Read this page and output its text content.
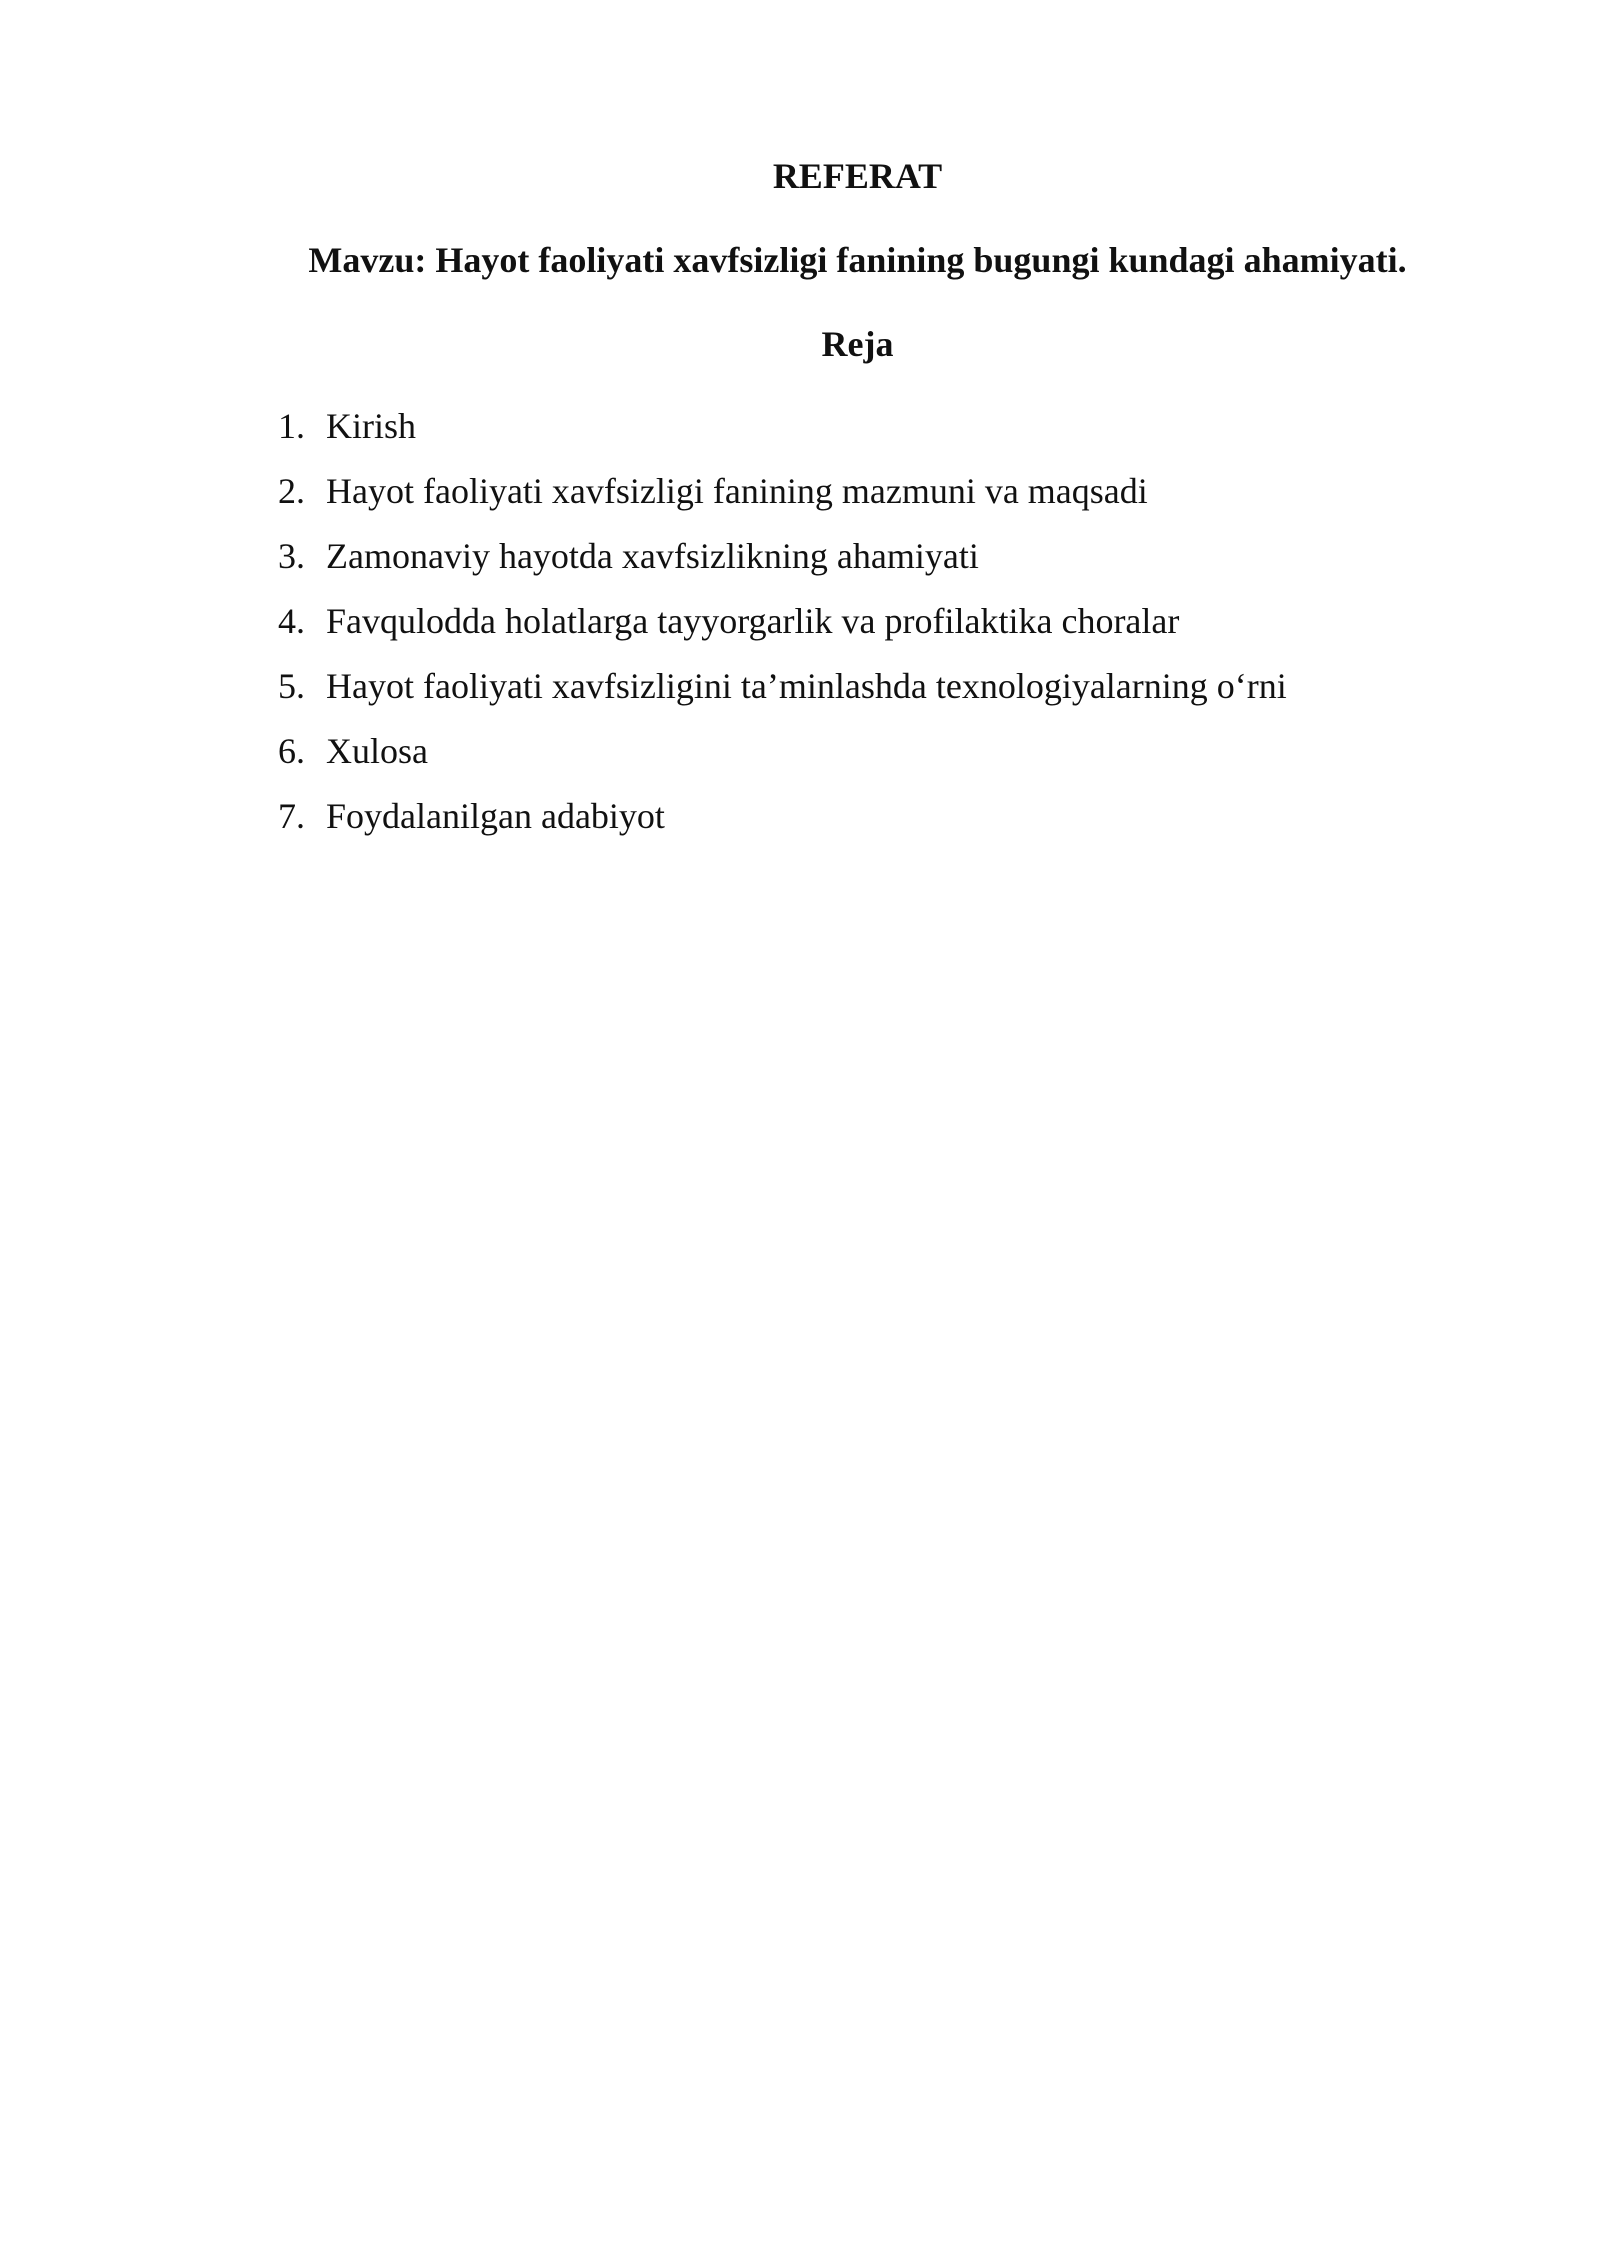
REFERAT
Mavzu: Hayot faoliyati xavfsizligi fanining bugungi kundagi ahamiyati.
Reja
1. Kirish
2. Hayot faoliyati xavfsizligi fanining mazmuni va maqsadi
3. Zamonaviy hayotda xavfsizlikning ahamiyati
4. Favqulodda holatlarga tayyorgarlik va profilaktika choralar
5. Hayot faoliyati xavfsizligini ta’minlashda texnologiyalarning o‘rni
6. Xulosa
7. Foydalanilgan adabiyot
